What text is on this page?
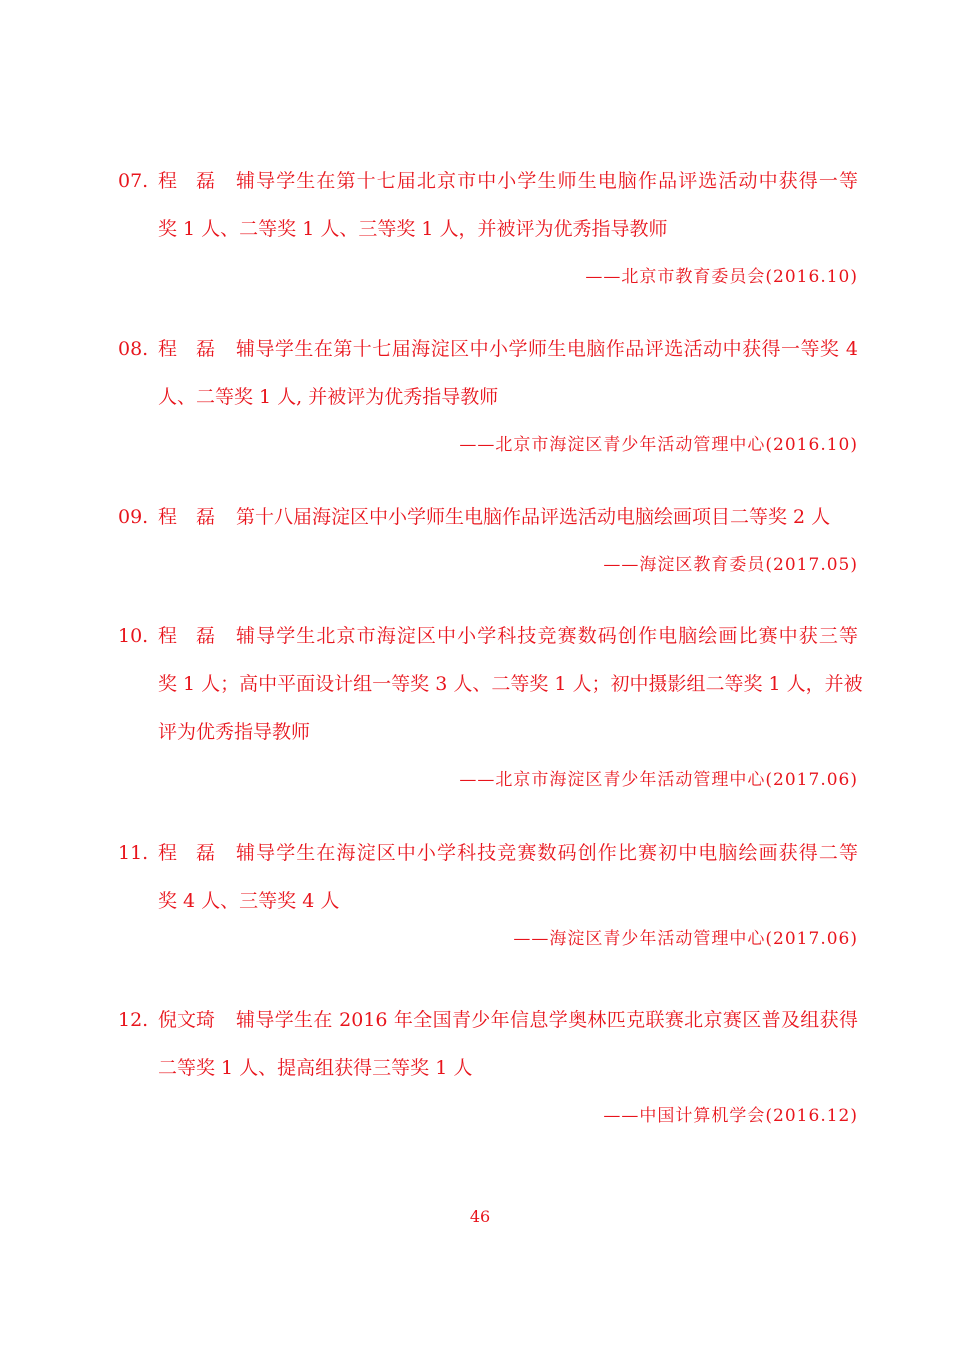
07. 程　磊 辅导学生在第十七届北京市中小学生师生电脑作品评选活动中获得一等
奖 1 人、二等奖 1 人、三等奖 1 人，并被评为优秀指导教师
——北京市教育委员会(2016.10)
08. 程　磊 辅导学生在第十七届海淀区中小学师生电脑作品评选活动中获得一等奖 4
人、二等奖 1 人, 并被评为优秀指导教师
——北京市海淀区青少年活动管理中心(2016.10)
09. 程　磊 第十八届海淀区中小学师生电脑作品评选活动电脑绘画项目二等奖 2 人
——海淀区教育委员(2017.05)
10. 程　磊 辅导学生北京市海淀区中小学科技竞赛数码创作电脑绘画比赛中获三等
奖 1 人；高中平面设计组一等奖 3 人、二等奖 1 人；初中摄影组二等奖 1 人，并被
评为优秀指导教师
——北京市海淀区青少年活动管理中心(2017.06)
11. 程　磊 辅导学生在海淀区中小学科技竞赛数码创作比赛初中电脑绘画获得二等
奖 4 人、三等奖 4 人
——海淀区青少年活动管理中心(2017.06)
12. 倪文琦 辅导学生在 2016 年全国青少年信息学奥林匹克联赛北京赛区普及组获得
二等奖 1 人、提高组获得三等奖 1 人
——中国计算机学会(2016.12)
46
